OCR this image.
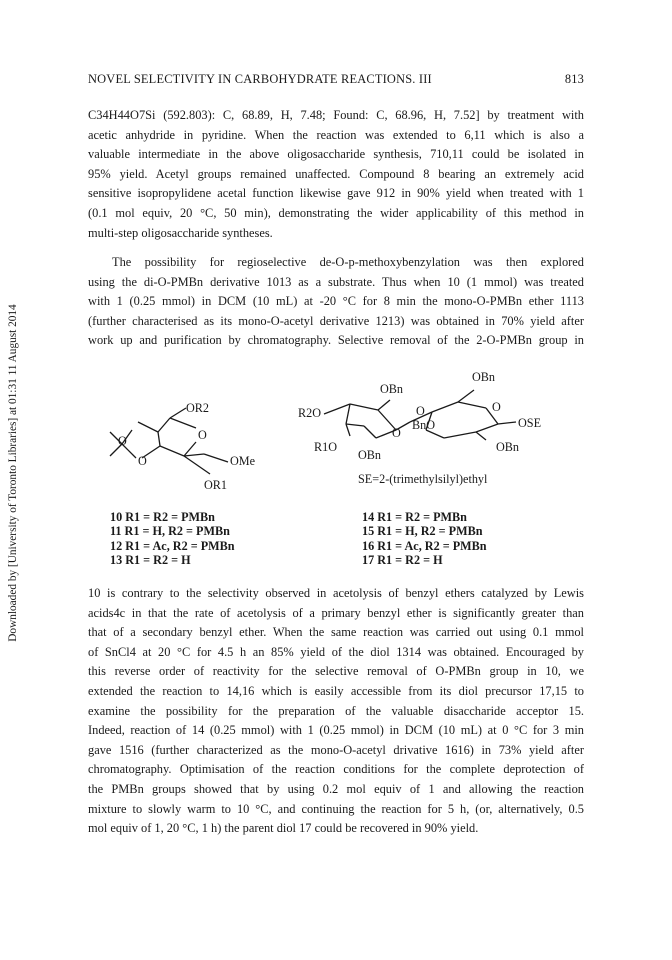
Downloaded by [University of Toronto Libraries] at 01:31 11 August 2014
NOVEL SELECTIVITY IN CARBOHYDRATE REACTIONS. III	813
C34H44O7Si (592.803): C, 68.89, H, 7.48; Found: C, 68.96, H, 7.52] by treatment with
acetic anhydride in pyridine. When the reaction was extended to 6,11 which is also a
valuable intermediate in the above oligosaccharide synthesis, 710,11 could be isolated in
95% yield. Acetyl groups remained unaffected. Compound 8 bearing an extremely acid
sensitive isopropylidene acetal function likewise gave 912 in 90% yield when treated with 1
(0.1 mol equiv, 20 °C, 50 min), demonstrating the wider applicability of this method in
multi-step oligosaccharide syntheses.
The possibility for regioselective de-O-p-methoxybenzylation was then explored
using the di-O-PMBn derivative 1013 as a substrate. Thus when 10 (1 mmol) was treated
with 1 (0.25 mmol) in DCM (10 mL) at -20 °C for 8 min the mono-O-PMBn ether 1113
(further characterised as its mono-O-acetyl derivative 1213) was obtained in 70% yield after
work up and purification by chromatography. Selective removal of the 2-O-PMBn group in
O
O
OR2
O
OMe
OR1
OBn
OBn
R2O	O	O
O
BnO	OSE
R1O
OBn
OBn
SE=2-(trimethylsilyl)ethyl
10 R1 = R2 = PMBn
11 R1 = H, R2 = PMBn
12 R1 = Ac, R2 = PMBn
13 R1 = R2 = H
14 R1 = R2 = PMBn
15 R1 = H, R2 = PMBn
16 R1 = Ac, R2 = PMBn
17 R1 = R2 = H
10 is contrary to the selectivity observed in acetolysis of benzyl ethers catalyzed by Lewis
acids4c in that the rate of acetolysis of a primary benzyl ether is significantly greater than
that of a secondary benzyl ether. When the same reaction was carried out using 0.1 mmol
of SnCl4 at 20 °C for 4.5 h an 85% yield of the diol 1314 was obtained. Encouraged by
this reverse order of reactivity for the selective removal of O-PMBn group in 10, we
extended the reaction to 14,16 which is easily accessible from its diol precursor 17,15 to
examine the possibility for the preparation of the valuable disaccharide acceptor 15.
Indeed, reaction of 14 (0.25 mmol) with 1 (0.25 mmol) in DCM (10 mL) at 0 °C for 3 min
gave 1516 (further characterized as the mono-O-acetyl drivative 1616) in 73% yield after
chromatography. Optimisation of the reaction conditions for the complete deprotection of
the PMBn groups showed that by using 0.2 mol equiv of 1 and allowing the reaction
mixture to slowly warm to 10 °C, and continuing the reaction for 5 h, (or, alternatively, 0.5
mol equiv of 1, 20 °C, 1 h) the parent diol 17 could be recovered in 90% yield.
